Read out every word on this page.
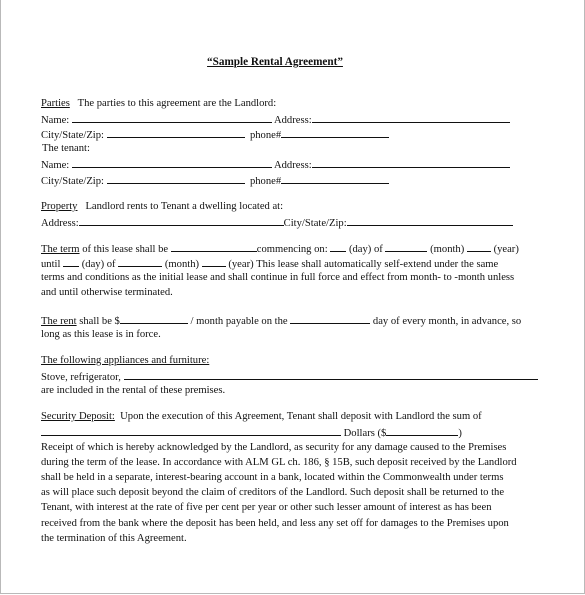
“Sample Rental Agreement”
Parties The parties to this agreement are the Landlord:
Name:	Address:
City/State/Zip:	phone#
The tenant:
Name:	Address:
City/State/Zip:	phone#
Property Landlord rents to Tenant a dwelling located at:
Address:	City/State/Zip:
The term of this lease shall be	commencing on: (day) of	(month)	(year)
until (day) of	(month)	(year) This lease shall automatically self-extend under the same
terms and conditions as the initial lease and shall continue in full force and effect from month- to -month unless
and until otherwise terminated.
The rent shall be $	/ month payable on the	day of every month, in advance, so
long as this lease is in force.
The following appliances and furniture:
Stove, refrigerator,
are included in the rental of these premises.
Security Deposit: Upon the execution of this Agreement, Tenant shall deposit with Landlord the sum of
Dollars ($	)
Receipt of which is hereby acknowledged by the Landlord, as security for any damage caused to the Premises
during the term of the lease. In accordance with ALM GL ch. 186, § 15B, such deposit received by the Landlord
shall be held in a separate, interest-bearing account in a bank, located within the Commonwealth under terms
as will place such deposit beyond the claim of creditors of the Landlord. Such deposit shall be returned to the
Tenant, with interest at the rate of five per cent per year or other such lesser amount of interest as has been
received from the bank where the deposit has been held, and less any set off for damages to the Premises upon
the termination of this Agreement.
